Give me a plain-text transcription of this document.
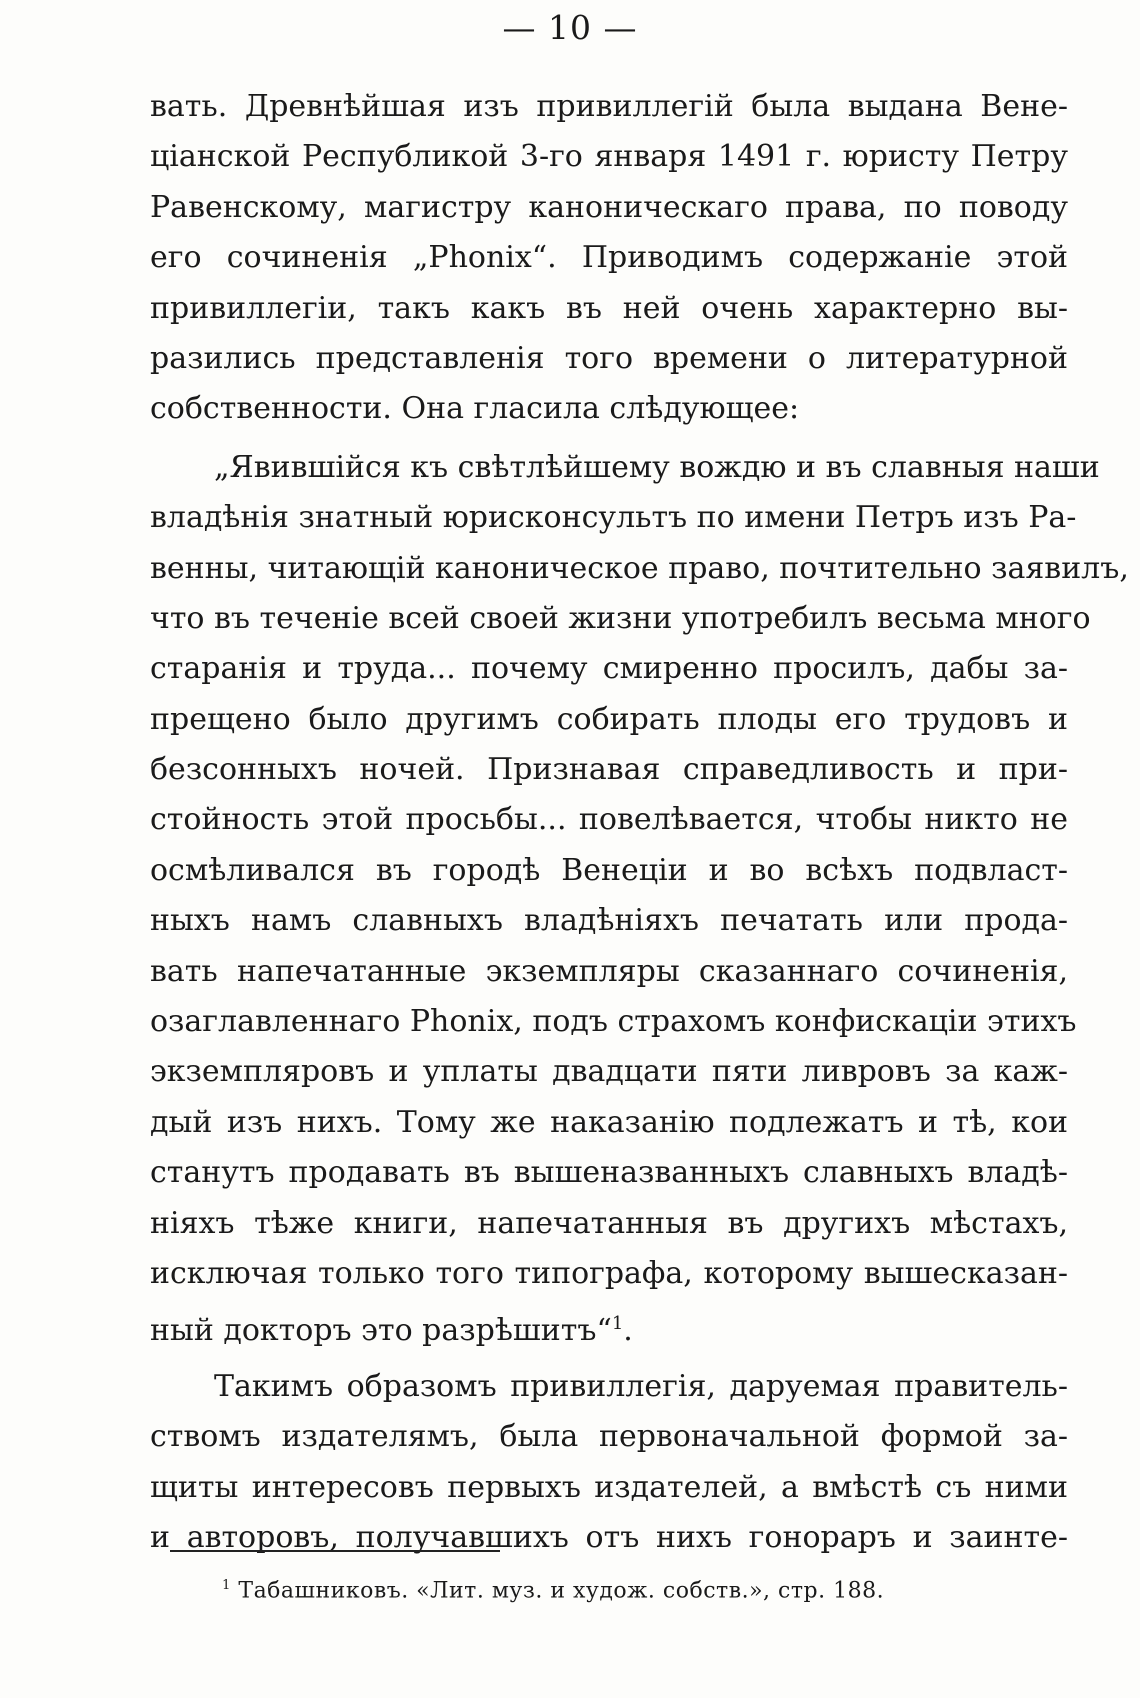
— 10 —
вать. Древнѣйшая изъ привиллегій была выдана Вене-
ціанской Республикой 3-го января 1491 г. юристу Петру
Равенскому, магистру каноническаго права, по поводу
его сочиненія „Phonix“. Приводимъ содержаніе этой
привиллегіи, такъ какъ въ ней очень характерно вы-
разились представленія того времени о литературной
собственности. Она гласила слѣдующее:
„Явившійся къ свѣтлѣйшему вождю и въ славныя наши
владѣнія знатный юрисконсультъ по имени Петръ изъ Ра-
венны, читающій каноническое право, почтительно заявилъ,
что въ теченіе всей своей жизни употребилъ весьма много
старанія и труда... почему смиренно просилъ, дабы за-
прещено было другимъ собирать плоды его трудовъ и
безсонныхъ ночей. Признавая справедливость и при-
стойность этой просьбы... повелѣвается, чтобы никто не
осмѣливался въ городѣ Венеціи и во всѣхъ подвласт-
ныхъ намъ славныхъ владѣніяхъ печатать или прода-
вать напечатанные экземпляры сказаннаго сочиненія,
озаглавленнаго Phonix, подъ страхомъ конфискаціи этихъ
экземпляровъ и уплаты двадцати пяти ливровъ за каж-
дый изъ нихъ. Тому же наказанію подлежатъ и тѣ, кои
станутъ продавать въ вышеназванныхъ славныхъ владѣ-
ніяхъ тѣже книги, напечатанныя въ другихъ мѣстахъ,
исключая только того типографа, которому вышесказан-
ный докторъ это разрѣшитъ“$^1$.
Такимъ образомъ привиллегія, даруемая правитель-
ствомъ издателямъ, была первоначальной формой за-
щиты интересовъ первыхъ издателей, а вмѣстѣ съ ними
и авторовъ, получавшихъ отъ нихъ гонораръ и заинте-
$^1$ Табашниковъ. «Лит. муз. и худож. собств.», стр. 188.
